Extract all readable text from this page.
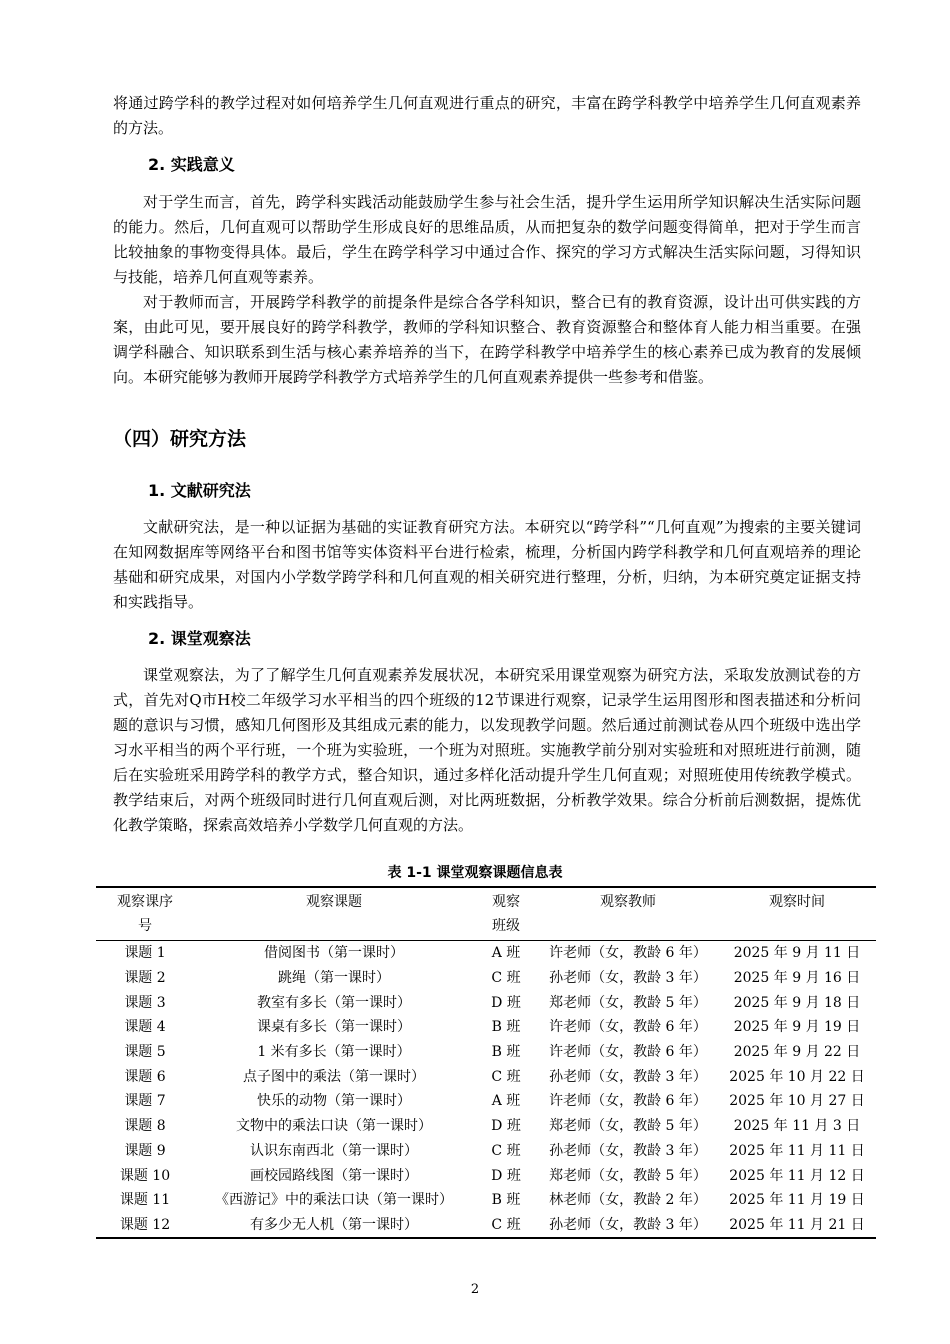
将通过跨学科的教学过程对如何培养学生几何直观进行重点的研究，丰富在跨学科教学中培养学生几何直观素养的方法。

2. 实践意义

对于学生而言，首先，跨学科实践活动能鼓励学生参与社会生活，提升学生运用所学知识解决生活实际问题的能力。然后，几何直观可以帮助学生形成良好的思维品质，从而把复杂的数学问题变得简单，把对于学生而言比较抽象的事物变得具体。最后，学生在跨学科学习中通过合作、探究的学习方式解决生活实际问题，习得知识与技能，培养几何直观等素养。

对于教师而言，开展跨学科教学的前提条件是综合各学科知识，整合已有的教育资源，设计出可供实践的方案，由此可见，要开展良好的跨学科教学，教师的学科知识整合、教育资源整合和整体育人能力相当重要。在强调学科融合、知识联系到生活与核心素养培养的当下，在跨学科教学中培养学生的核心素养已成为教育的发展倾向。本研究能够为教师开展跨学科教学方式培养学生的几何直观素养提供一些参考和借鉴。

（四）研究方法
1. 文献研究法

文献研究法，是一种以证据为基础的实证教育研究方法。本研究以“跨学科”“几何直观”为搜索的主要关键词在知网数据库等网络平台和图书馆等实体资料平台进行检索，梳理，分析国内跨学科教学和几何直观培养的理论基础和研究成果，对国内小学数学跨学科和几何直观的相关研究进行整理，分析，归纳，为本研究奠定证据支持和实践指导。

2. 课堂观察法

课堂观察法，为了了解学生几何直观素养发展状况，本研究采用课堂观察为研究方法，采取发放测试卷的方式，首先对Q市H校二年级学习水平相当的四个班级的12节课进行观察，记录学生运用图形和图表描述和分析问题的意识与习惯，感知几何图形及其组成元素的能力，以发现教学问题。然后通过前测试卷从四个班级中选出学习水平相当的两个平行班，一个班为实验班，一个班为对照班。实施教学前分别对实验班和对照班进行前测，随后在实验班采用跨学科的教学方式，整合知识，通过多样化活动提升学生几何直观；对照班使用传统教学模式。教学结束后，对两个班级同时进行几何直观后测，对比两班数据，分析教学效果。综合分析前后测数据，提炼优化教学策略，探索高效培养小学数学几何直观的方法。

表 1-1 课堂观察课题信息表
观察课序
号	观察课题	观察
班级	观察教师	观察时间
课题 1	借阅图书（第一课时）	A 班	许老师（女，教龄 6 年）	2025 年 9 月 11 日
课题 2	跳绳（第一课时）	C 班	孙老师（女，教龄 3 年）	2025 年 9 月 16 日
课题 3	教室有多长（第一课时）	D 班	郑老师（女，教龄 5 年）	2025 年 9 月 18 日
课题 4	课桌有多长（第一课时）	B 班	许老师（女，教龄 6 年）	2025 年 9 月 19 日
课题 5	1 米有多长（第一课时）	B 班	许老师（女，教龄 6 年）	2025 年 9 月 22 日
课题 6	点子图中的乘法（第一课时）	C 班	孙老师（女，教龄 3 年）	2025 年 10 月 22 日
课题 7	快乐的动物（第一课时）	A 班	许老师（女，教龄 6 年）	2025 年 10 月 27 日
课题 8	文物中的乘法口诀（第一课时）	D 班	郑老师（女，教龄 5 年）	2025 年 11 月 3 日
课题 9	认识东南西北（第一课时）	C 班	孙老师（女，教龄 3 年）	2025 年 11 月 11 日
课题 10	画校园路线图（第一课时）	D 班	郑老师（女，教龄 5 年）	2025 年 11 月 12 日
课题 11	《西游记》中的乘法口诀（第一课时）	B 班	林老师（女，教龄 2 年）	2025 年 11 月 19 日
课题 12	有多少无人机（第一课时）	C 班	孙老师（女，教龄 3 年）	2025 年 11 月 21 日
2
